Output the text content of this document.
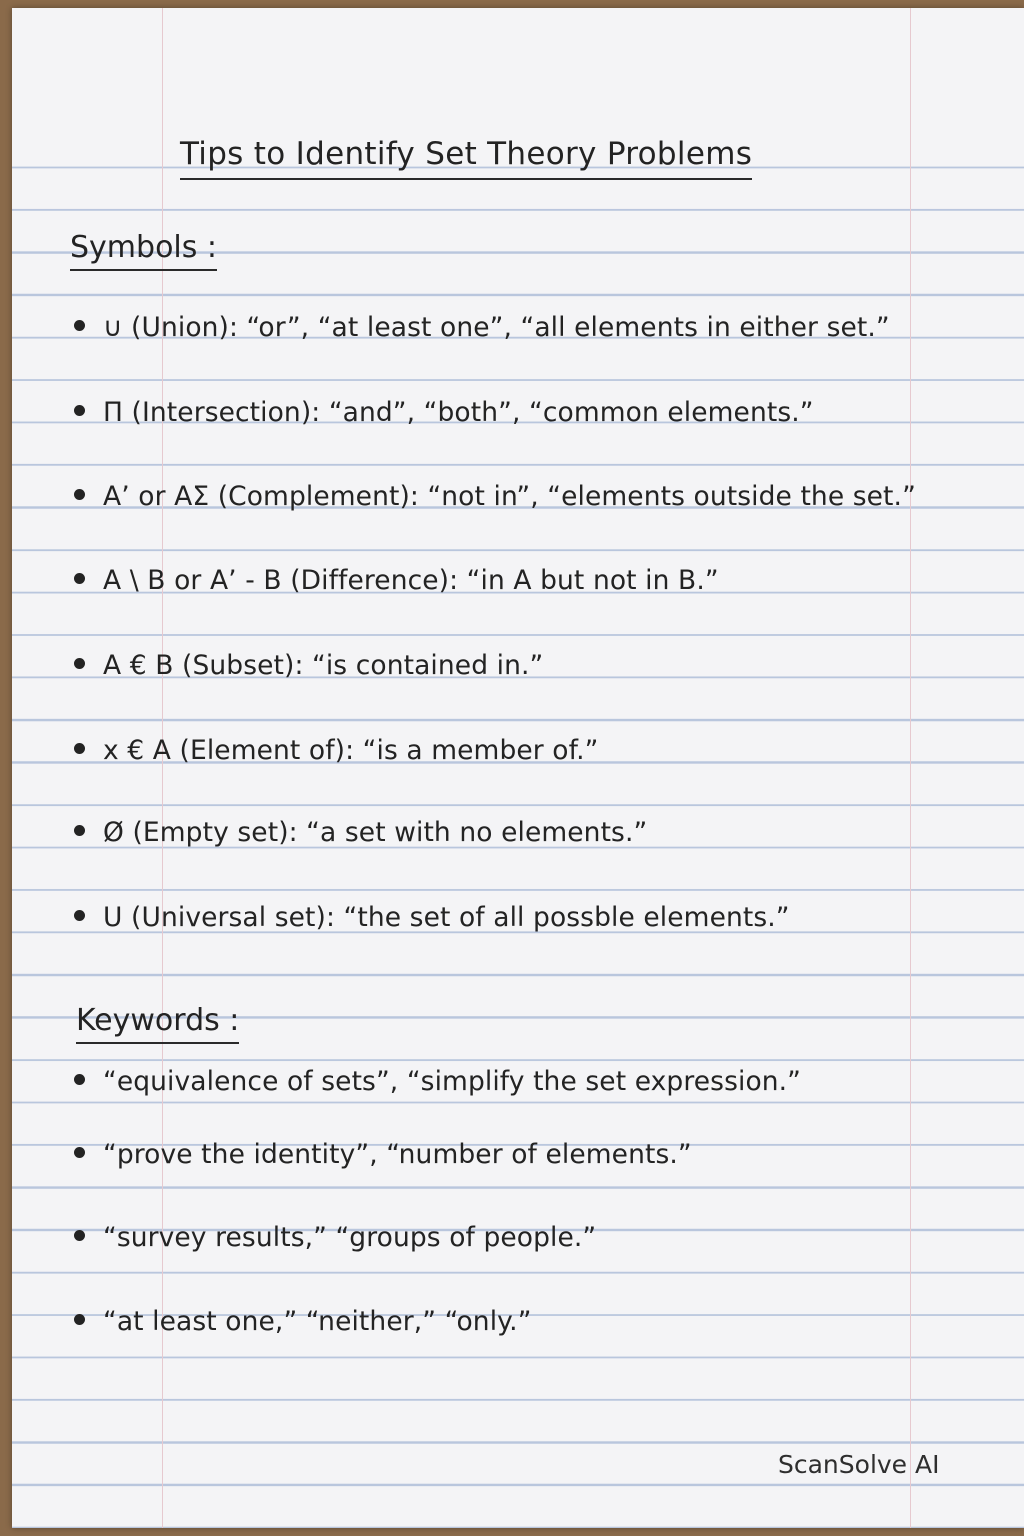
Tips to Identify Set Theory Problems
Symbols :
∪ (Union): “or”, “at least one”, “all elements in either set.”
Π (Intersection): “and”, “both”, “common elements.”
A’ or AΣ (Complement): “not in”, “elements outside the set.”
A \ B or A’ - B (Difference): “in A but not in B.”
A € B (Subset): “is contained in.”
x € A (Element of): “is a member of.”
Ø (Empty set): “a set with no elements.”
U (Universal set): “the set of all possble elements.”
Keywords :
“equivalence of sets”, “simplify the set expression.”
“prove the identity”, “number of elements.”
“survey results,” “groups of people.”
“at least one,” “neither,” “only.”
ScanSolve AI
